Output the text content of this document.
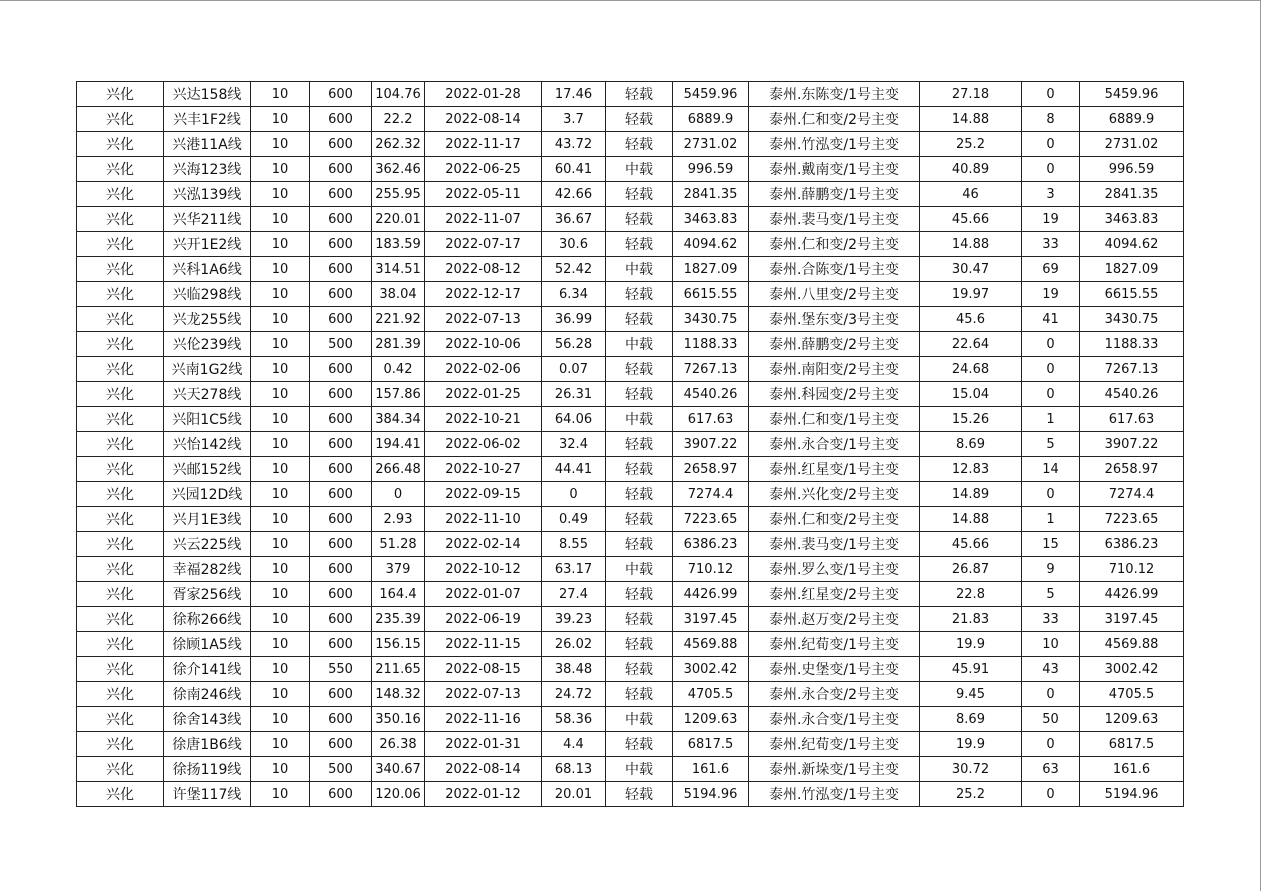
兴化	兴达158线	10	600	104.76	2022-01-28	17.46	轻载	5459.96	泰州.东陈变/1号主变	27.18	0	5459.96
兴化	兴丰1F2线	10	600	22.2	2022-08-14	3.7	轻载	6889.9	泰州.仁和变/2号主变	14.88	8	6889.9
兴化	兴港11A线	10	600	262.32	2022-11-17	43.72	轻载	2731.02	泰州.竹泓变/1号主变	25.2	0	2731.02
兴化	兴海123线	10	600	362.46	2022-06-25	60.41	中载	996.59	泰州.戴南变/1号主变	40.89	0	996.59
兴化	兴泓139线	10	600	255.95	2022-05-11	42.66	轻载	2841.35	泰州.薛鹏变/1号主变	46	3	2841.35
兴化	兴华211线	10	600	220.01	2022-11-07	36.67	轻载	3463.83	泰州.裴马变/1号主变	45.66	19	3463.83
兴化	兴开1E2线	10	600	183.59	2022-07-17	30.6	轻载	4094.62	泰州.仁和变/2号主变	14.88	33	4094.62
兴化	兴科1A6线	10	600	314.51	2022-08-12	52.42	中载	1827.09	泰州.合陈变/1号主变	30.47	69	1827.09
兴化	兴临298线	10	600	38.04	2022-12-17	6.34	轻载	6615.55	泰州.八里变/2号主变	19.97	19	6615.55
兴化	兴龙255线	10	600	221.92	2022-07-13	36.99	轻载	3430.75	泰州.堡东变/3号主变	45.6	41	3430.75
兴化	兴伦239线	10	500	281.39	2022-10-06	56.28	中载	1188.33	泰州.薛鹏变/2号主变	22.64	0	1188.33
兴化	兴南1G2线	10	600	0.42	2022-02-06	0.07	轻载	7267.13	泰州.南阳变/2号主变	24.68	0	7267.13
兴化	兴天278线	10	600	157.86	2022-01-25	26.31	轻载	4540.26	泰州.科园变/2号主变	15.04	0	4540.26
兴化	兴阳1C5线	10	600	384.34	2022-10-21	64.06	中载	617.63	泰州.仁和变/1号主变	15.26	1	617.63
兴化	兴怡142线	10	600	194.41	2022-06-02	32.4	轻载	3907.22	泰州.永合变/1号主变	8.69	5	3907.22
兴化	兴邮152线	10	600	266.48	2022-10-27	44.41	轻载	2658.97	泰州.红星变/1号主变	12.83	14	2658.97
兴化	兴园12D线	10	600	0	2022-09-15	0	轻载	7274.4	泰州.兴化变/2号主变	14.89	0	7274.4
兴化	兴月1E3线	10	600	2.93	2022-11-10	0.49	轻载	7223.65	泰州.仁和变/2号主变	14.88	1	7223.65
兴化	兴云225线	10	600	51.28	2022-02-14	8.55	轻载	6386.23	泰州.裴马变/1号主变	45.66	15	6386.23
兴化	幸福282线	10	600	379	2022-10-12	63.17	中载	710.12	泰州.罗么变/1号主变	26.87	9	710.12
兴化	胥家256线	10	600	164.4	2022-01-07	27.4	轻载	4426.99	泰州.红星变/2号主变	22.8	5	4426.99
兴化	徐称266线	10	600	235.39	2022-06-19	39.23	轻载	3197.45	泰州.赵万变/2号主变	21.83	33	3197.45
兴化	徐顾1A5线	10	600	156.15	2022-11-15	26.02	轻载	4569.88	泰州.纪荀变/1号主变	19.9	10	4569.88
兴化	徐介141线	10	550	211.65	2022-08-15	38.48	轻载	3002.42	泰州.史堡变/1号主变	45.91	43	3002.42
兴化	徐南246线	10	600	148.32	2022-07-13	24.72	轻载	4705.5	泰州.永合变/2号主变	9.45	0	4705.5
兴化	徐舍143线	10	600	350.16	2022-11-16	58.36	中载	1209.63	泰州.永合变/1号主变	8.69	50	1209.63
兴化	徐唐1B6线	10	600	26.38	2022-01-31	4.4	轻载	6817.5	泰州.纪荀变/1号主变	19.9	0	6817.5
兴化	徐扬119线	10	500	340.67	2022-08-14	68.13	中载	161.6	泰州.新垛变/1号主变	30.72	63	161.6
兴化	许堡117线	10	600	120.06	2022-01-12	20.01	轻载	5194.96	泰州.竹泓变/1号主变	25.2	0	5194.96
